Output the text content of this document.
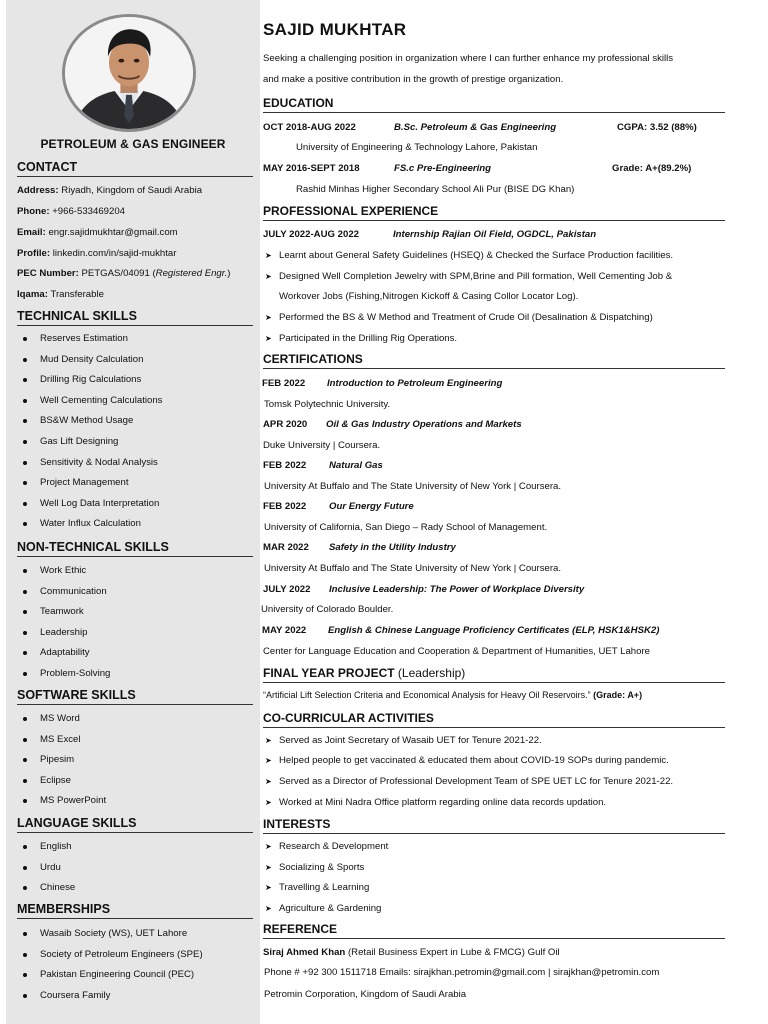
PETROLEUM & GAS ENGINEER
CONTACT
Address: Riyadh, Kingdom of Saudi Arabia
Phone: +966-533469204
Email: engr.sajidmukhtar@gmail.com
Profile: linkedin.com/in/sajid-mukhtar
PEC Number: PETGAS/04091 (Registered Engr.)
Iqama: Transferable
TECHNICAL SKILLS
Reserves Estimation
Mud Density Calculation
Drilling Rig Calculations
Well Cementing Calculations
BS&W Method Usage
Gas Lift Designing
Sensitivity & Nodal Analysis
Project Management
Well Log Data Interpretation
Water Influx Calculation
NON-TECHNICAL SKILLS
Work Ethic
Communication
Teamwork
Leadership
Adaptability
Problem-Solving
SOFTWARE SKILLS
MS Word
MS Excel
Pipesim
Eclipse
MS PowerPoint
LANGUAGE SKILLS
English
Urdu
Chinese
MEMBERSHIPS
Wasaib Society (WS), UET Lahore
Society of Petroleum Engineers (SPE)
Pakistan Engineering Council (PEC)
Coursera Family
SAJID MUKHTAR
Seeking a challenging position in organization where I can further enhance my professional skills
and make a positive contribution in the growth of prestige organization.
EDUCATION
OCT 2018-AUG 2022	B.Sc. Petroleum & Gas Engineering	CGPA: 3.52 (88%)
University of Engineering & Technology Lahore, Pakistan
MAY 2016-SEPT 2018	FS.c Pre-Engineering	Grade: A+(89.2%)
Rashid Minhas Higher Secondary School Ali Pur (BISE DG Khan)
PROFESSIONAL EXPERIENCE
JULY 2022-AUG 2022	Internship Rajian Oil Field, OGDCL, Pakistan
➤ Learnt about General Safety Guidelines (HSEQ) & Checked the Surface Production facilities.
➤ Designed Well Completion Jewelry with SPM,Brine and Pill formation, Well Cementing Job &
Workover Jobs (Fishing,Nitrogen Kickoff & Casing Collor Locator Log).
➤ Performed the BS & W Method and Treatment of Crude Oil (Desalination & Dispatching)
➤ Participated in the Drilling Rig Operations.
CERTIFICATIONS
FEB 2022 Introduction to Petroleum Engineering
Tomsk Polytechnic University.
APR 2020 Oil & Gas Industry Operations and Markets
Duke University | Coursera.
FEB 2022 Natural Gas
University At Buffalo and The State University of New York | Coursera.
FEB 2022 Our Energy Future
University of California, San Diego – Rady School of Management.
MAR 2022 Safety in the Utility Industry
University At Buffalo and The State University of New York | Coursera.
JULY 2022 Inclusive Leadership: The Power of Workplace Diversity
University of Colorado Boulder.
MAY 2022 English & Chinese Language Proficiency Certificates (ELP, HSK1&HSK2)
Center for Language Education and Cooperation & Department of Humanities, UET Lahore
FINAL YEAR PROJECT (Leadership)
“Artificial Lift Selection Criteria and Economical Analysis for Heavy Oil Reservoirs.” (Grade: A+)
CO-CURRICULAR ACTIVITIES
➤ Served as Joint Secretary of Wasaib UET for Tenure 2021-22.
➤ Helped people to get vaccinated & educated them about COVID-19 SOPs during pandemic.
➤ Served as a Director of Professional Development Team of SPE UET LC for Tenure 2021-22.
➤ Worked at Mini Nadra Office platform regarding online data records updation.
INTERESTS
➤ Research & Development
➤ Socializing & Sports
➤ Travelling & Learning
➤ Agriculture & Gardening
REFERENCE
Siraj Ahmed Khan (Retail Business Expert in Lube & FMCG) Gulf Oil
Phone # +92 300 1511718 Emails: sirajkhan.petromin@gmail.com | sirajkhan@petromin.com
Petromin Corporation, Kingdom of Saudi Arabia
